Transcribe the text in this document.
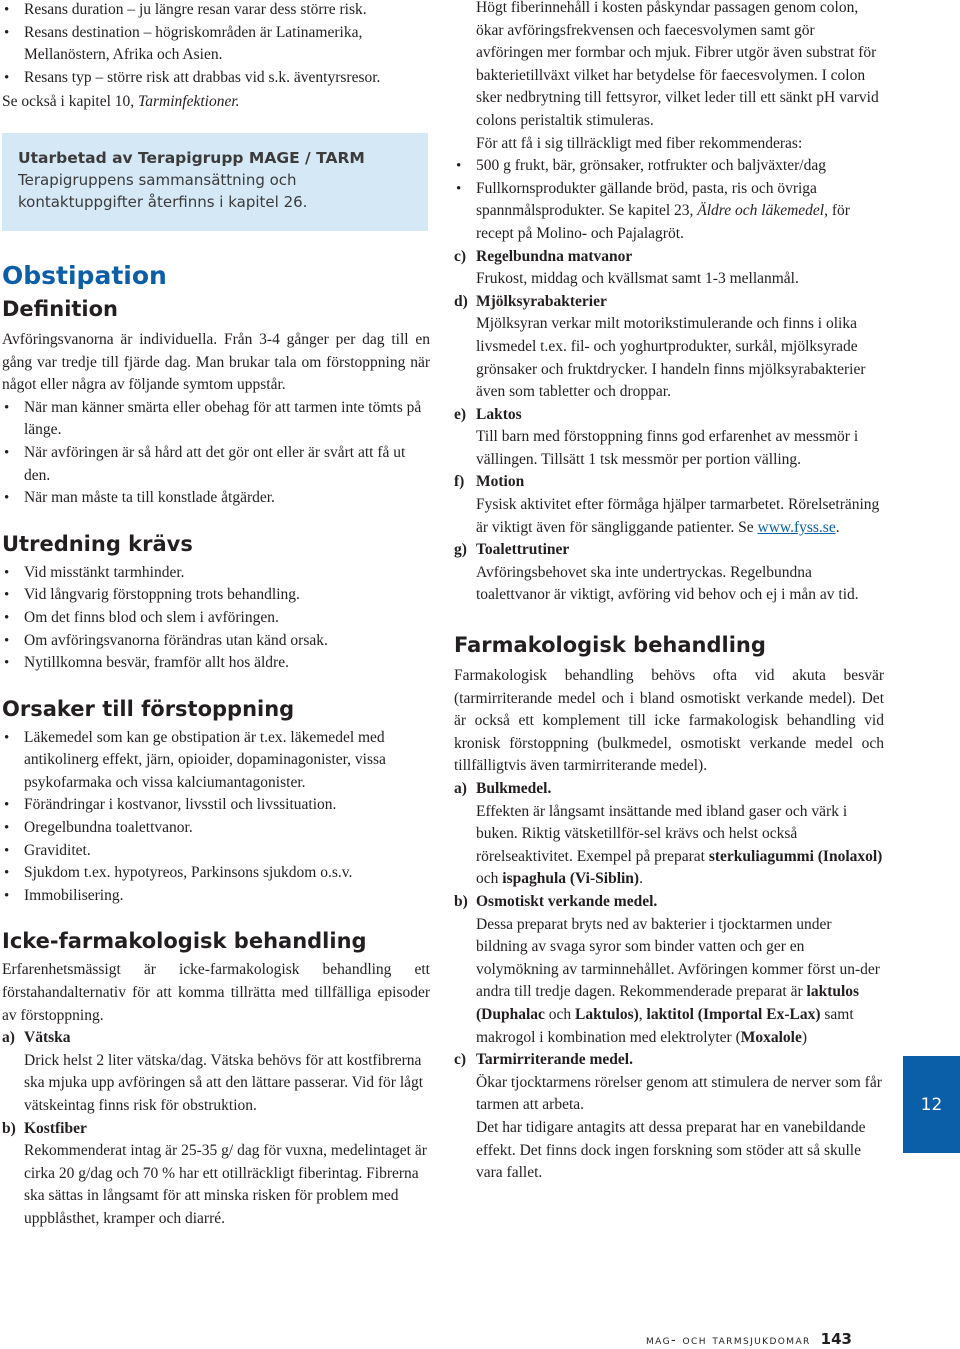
• Resans duration – ju längre resan varar dess större risk.
• Resans destination – högriskområden är Latinamerika, Mellanöstern, Afrika och Asien.
• Resans typ – större risk att drabbas vid s.k. äventyrsresor.

Se också i kapitel 10, Tarminfektioner.

Utarbetad av Terapigrupp MAGE / TARM
Terapigruppens sammansättning och kontaktuppgifter återfinns i kapitel 26.
Obstipation
Definition

Avföringsvanorna är individuella. Från 3-4 gånger per dag till en gång var tredje till fjärde dag. Man brukar tala om förstoppning när något eller några av följande symtom uppstår.

• När man känner smärta eller obehag för att tarmen inte tömts på länge.
• När avföringen är så hård att det gör ont eller är svårt att få ut den.
• När man måste ta till konstlade åtgärder.
Utredning krävs
• Vid misstänkt tarmhinder.
• Vid långvarig förstoppning trots behandling.
• Om det finns blod och slem i avföringen.
• Om avföringsvanorna förändras utan känd orsak.
• Nytillkomna besvär, framför allt hos äldre.
Orsaker till förstoppning
• Läkemedel som kan ge obstipation är t.ex. läkemedel med antikolinerg effekt, järn, opioider, dopaminagonister, vissa psykofarmaka och vissa kalciumantagonister.
• Förändringar i kostvanor, livsstil och livssituation.
• Oregelbundna toalettvanor.
• Graviditet.
• Sjukdom t.ex. hypotyreos, Parkinsons sjukdom o.s.v.
• Immobilisering.
Icke-farmakologisk behandling

Erfarenhetsmässigt är icke-farmakologisk behandling ett förstahandalternativ för att komma tillrätta med tillfälliga episoder av förstoppning.

a) Vätska

Drick helst 2 liter vätska/dag. Vätska behövs för att kostfibrerna ska mjuka upp avföringen så att den lättare passerar. Vid för lågt vätskeintag finns risk för obstruktion.

b) Kostfiber

Rekommenderat intag är 25-35 g/ dag för vuxna, medelintaget är cirka 20 g/dag och 70 % har ett otillräckligt fiberintag. Fibrerna ska sättas in långsamt för att minska risken för problem med uppblåsthet, kramper och diarré.

Högt fiberinnehåll i kosten påskyndar passagen genom colon, ökar avföringsfrekvensen och faecesvolymen samt gör avföringen mer formbar och mjuk. Fibrer utgör även substrat för bakterietillväxt vilket har betydelse för faecesvolymen. I colon sker nedbrytning till fettsyror, vilket leder till ett sänkt pH varvid colons peristaltik stimuleras.

För att få i sig tillräckligt med fiber rekommenderas:

• 500 g frukt, bär, grönsaker, rotfrukter och baljväxter/dag
• Fullkornsprodukter gällande bröd, pasta, ris och övriga spannmålsprodukter. Se kapitel 23, Äldre och läkemedel, för recept på Molino- och Pajalagröt.
c) Regelbundna matvanor

Frukost, middag och kvällsmat samt 1-3 mellanmål.

d) Mjölksyrabakterier

Mjölksyran verkar milt motorikstimulerande och finns i olika livsmedel t.ex. fil- och yoghurtprodukter, surkål, mjölksyrade grönsaker och fruktdrycker. I handeln finns mjölksyrabakterier även som tabletter och droppar.

e) Laktos

Till barn med förstoppning finns god erfarenhet av messmör i vällingen. Tillsätt 1 tsk messmör per portion välling.

f) Motion

Fysisk aktivitet efter förmåga hjälper tarmarbetet. Rörelseträning är viktigt även för sängliggande patienter. Se www.fyss.se.

g) Toalettrutiner

Avföringsbehovet ska inte undertryckas. Regelbundna toalettvanor är viktigt, avföring vid behov och ej i mån av tid.

Farmakologisk behandling

Farmakologisk behandling behövs ofta vid akuta besvär (tarmirriterande medel och i bland osmotiskt verkande medel). Det är också ett komplement till icke farmakologisk behandling vid kronisk förstoppning (bulkmedel, osmotiskt verkande medel och tillfälligtvis även tarmirriterande medel).

a) Bulkmedel.

Effekten är långsamt insättande med ibland gaser och värk i buken. Riktig vätsketillför-sel krävs och helst också rörelseaktivitet. Exempel på preparat sterkuliagummi (Inolaxol) och ispaghula (Vi-Siblin).

b) Osmotiskt verkande medel.

Dessa preparat bryts ned av bakterier i tjocktarmen under bildning av svaga syror som binder vatten och ger en volymökning av tarminnehållet. Avföringen kommer först un-der andra till tredje dagen. Rekommenderade preparat är laktulos (Duphalac och Laktulos), laktitol (Importal Ex-Lax) samt makrogol i kombination med elektrolyter (Moxalole)

c) Tarmirriterande medel.

Ökar tjocktarmens rörelser genom att stimulera de nerver som får tarmen att arbeta.

Det har tidigare antagits att dessa preparat har en vanebildande effekt. Det finns dock ingen forskning som stöder att så skulle vara fallet.

12
mag- och tarmsjukdomar 143
